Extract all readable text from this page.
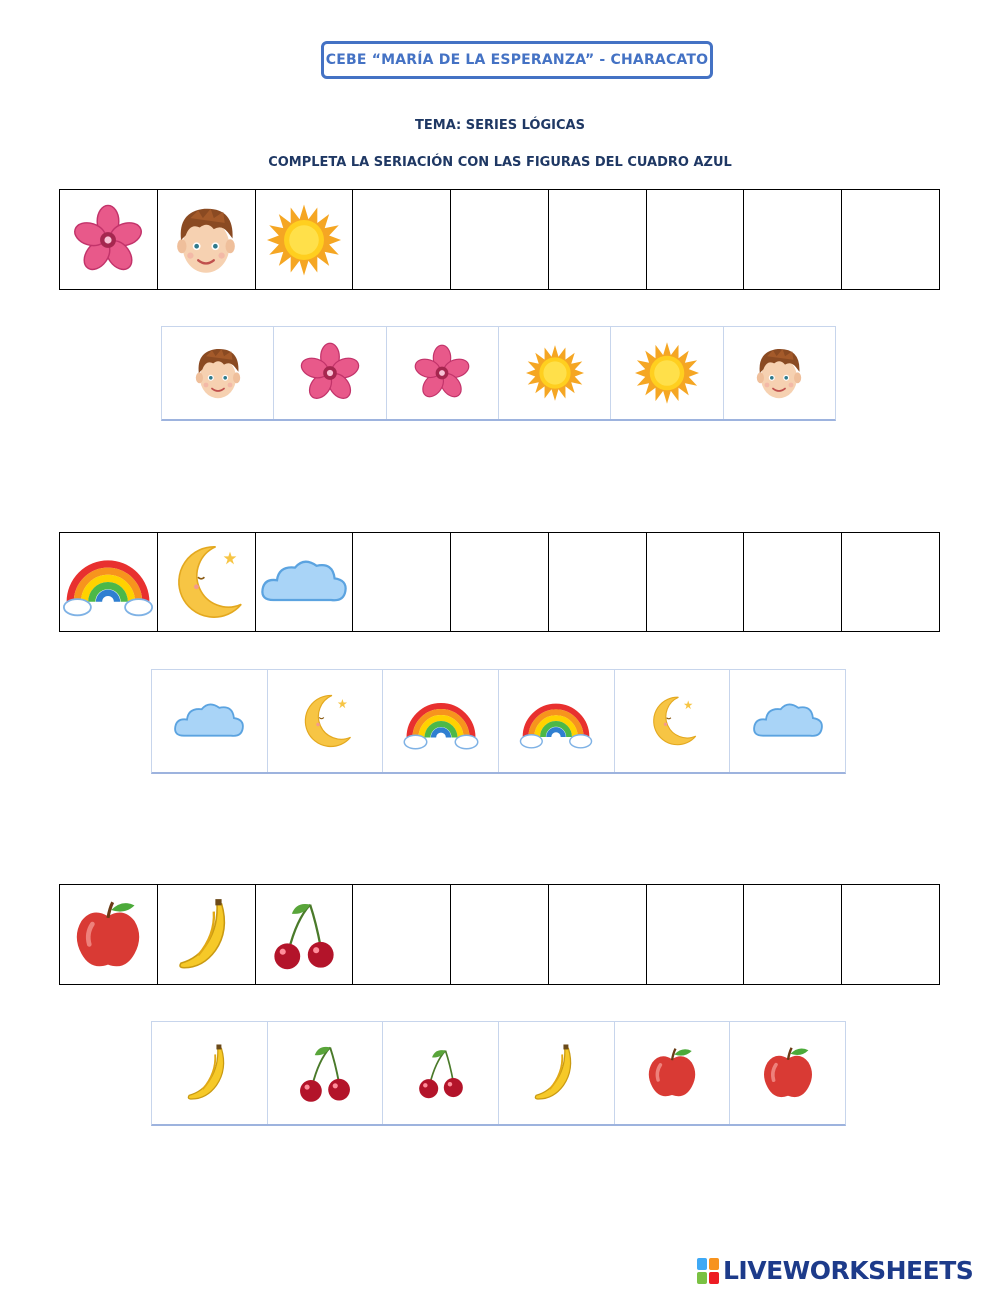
CEBE “MARÍA DE LA ESPERANZA” - CHARACATO
TEMA: SERIES LÓGICAS
COMPLETA LA SERIACIÓN CON LAS FIGURAS DEL CUADRO AZUL
LIVEWORKSHEETS
